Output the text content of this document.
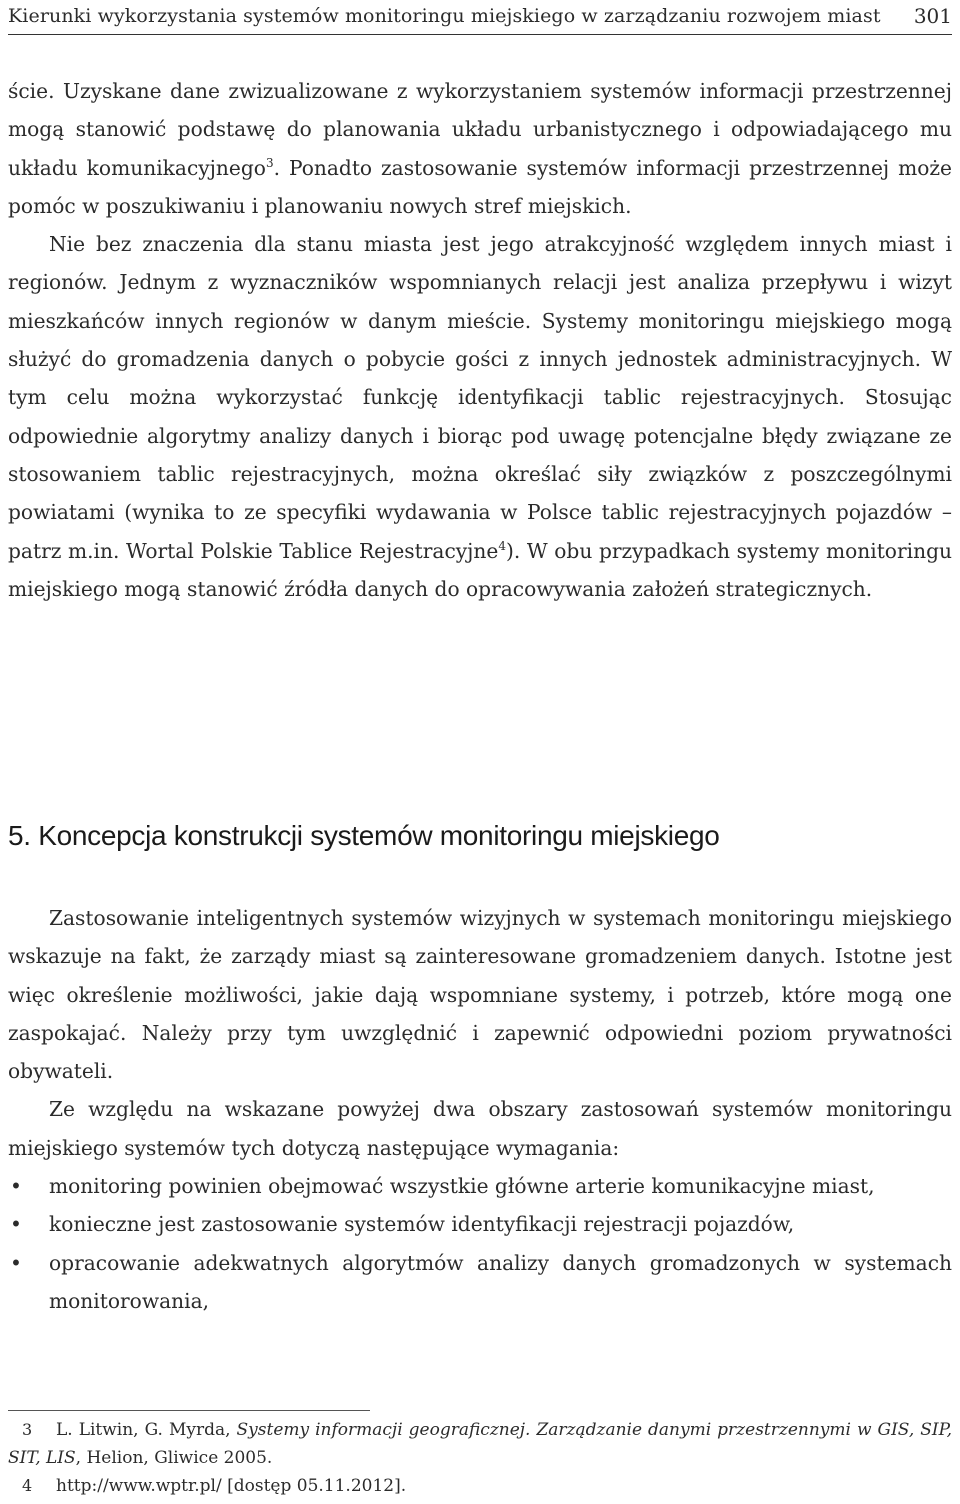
Kierunki wykorzystania systemów monitoringu miejskiego w zarządzaniu rozwojem miast 301

ście. Uzyskane dane zwizualizowane z wykorzystaniem systemów informacji przestrzennej mogą stanowić podstawę do planowania układu urbanistycznego i odpowiadającego mu układu komunikacyjnego$^3$. Ponadto zastosowanie systemów informacji przestrzennej może pomóc w poszukiwaniu i planowaniu nowych stref miejskich.

Nie bez znaczenia dla stanu miasta jest jego atrakcyjność względem innych miast i regionów. Jednym z wyznaczników wspomnianych relacji jest analiza przepływu i wizyt mieszkańców innych regionów w danym mieście. Systemy monitoringu miejskiego mogą służyć do gromadzenia danych o pobycie gości z innych jednostek administracyjnych. W tym celu można wykorzystać funkcję identyfikacji tablic rejestracyjnych. Stosując odpowiednie algorytmy analizy danych i biorąc pod uwagę potencjalne błędy związane ze stosowaniem tablic rejestracyjnych, można określać siły związków z poszczególnymi powiatami (wynika to ze specyfiki wydawania w Polsce tablic rejestracyjnych pojazdów – patrz m.in. Wortal Polskie Tablice Rejestracyjne$^4$). W obu przypadkach systemy monitoringu miejskiego mogą stanowić źródła danych do opracowywania założeń strategicznych.

5. Koncepcja konstrukcji systemów monitoringu miejskiego

Zastosowanie inteligentnych systemów wizyjnych w systemach monitoringu miejskiego wskazuje na fakt, że zarządy miast są zainteresowane gromadzeniem danych. Istotne jest więc określenie możliwości, jakie dają wspomniane systemy, i potrzeb, które mogą one zaspokajać. Należy przy tym uwzględnić i zapewnić odpowiedni poziom prywatności obywateli.

Ze względu na wskazane powyżej dwa obszary zastosowań systemów monitoringu miejskiego systemów tych dotyczą następujące wymagania:

• monitoring powinien obejmować wszystkie główne arterie komunikacyjne miast,
• konieczne jest zastosowanie systemów identyfikacji rejestracji pojazdów,
• opracowanie adekwatnych algorytmów analizy danych gromadzonych w systemach monitorowania,

3 L. Litwin, G. Myrda, Systemy informacji geograficznej. Zarządzanie danymi przestrzennymi w GIS, SIP, SIT, LIS, Helion, Gliwice 2005.

4 http://www.wptr.pl/ [dostęp 05.11.2012].
